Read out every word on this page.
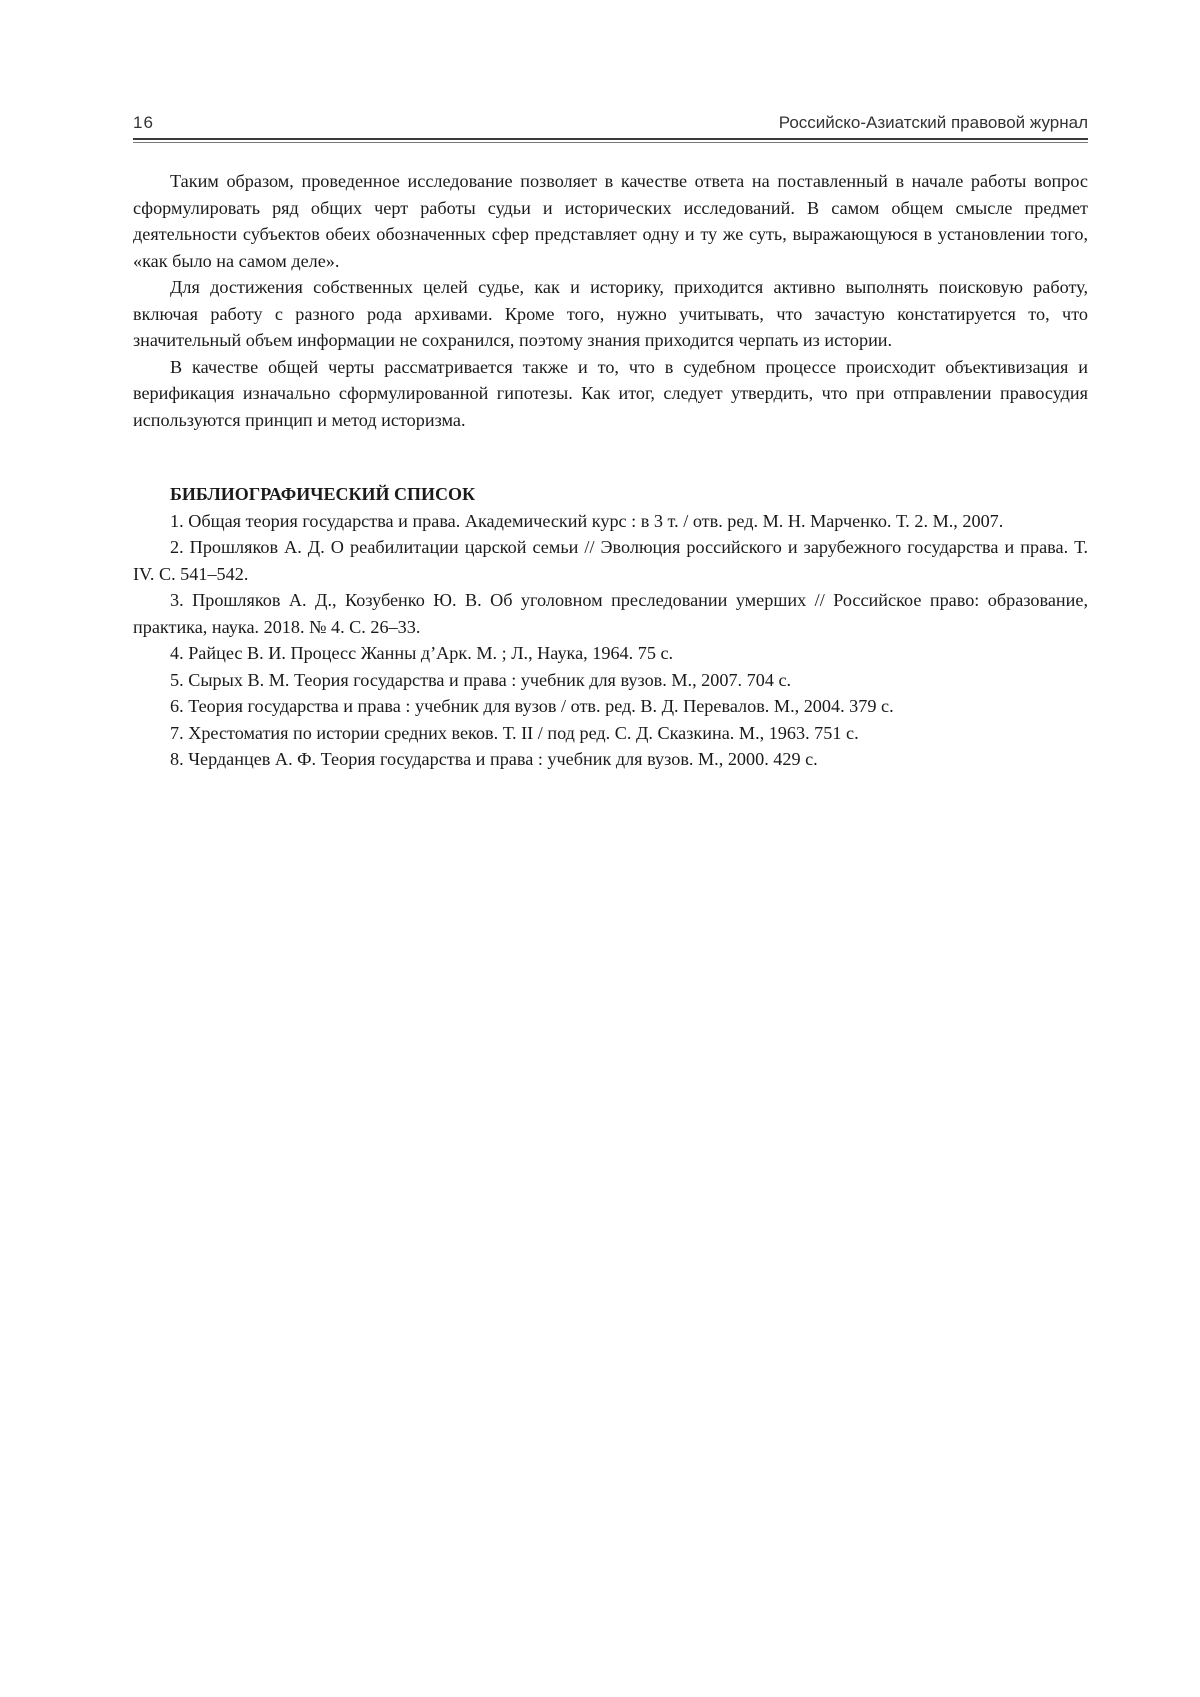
16	Российско-Азиатский правовой журнал

Таким образом, проведенное исследование позволяет в качестве ответа на поставленный в начале работы вопрос сформулировать ряд общих черт работы судьи и исторических исследований. В самом общем смысле предмет деятельности субъектов обеих обозначенных сфер представляет одну и ту же суть, выражающуюся в установлении того, «как было на самом деле».

Для достижения собственных целей судье, как и историку, приходится активно выполнять поисковую работу, включая работу с разного рода архивами. Кроме того, нужно учитывать, что зачастую констатируется то, что значительный объем информации не сохранился, поэтому знания приходится черпать из истории.

В качестве общей черты рассматривается также и то, что в судебном процессе происходит объективизация и верификация изначально сформулированной гипотезы. Как итог, следует утвердить, что при отправлении правосудия используются принцип и метод историзма.

БИБЛИОГРАФИЧЕСКИЙ СПИСОК
1. Общая теория государства и права. Академический курс : в 3 т. / отв. ред. М. Н. Марченко. Т. 2. М., 2007.
2. Прошляков А. Д. О реабилитации царской семьи // Эволюция российского и зарубежного государства и права. Т. IV. С. 541–542.
3. Прошляков А. Д., Козубенко Ю. В. Об уголовном преследовании умерших // Российское право: образование, практика, наука. 2018. № 4. С. 26–33.
4. Райцес В. И. Процесс Жанны д’Арк. М. ; Л., Наука, 1964. 75 с.
5. Сырых В. М. Теория государства и права : учебник для вузов. М., 2007. 704 с.
6. Теория государства и права : учебник для вузов / отв. ред. В. Д. Перевалов. М., 2004. 379 с.
7. Хрестоматия по истории средних веков. Т. II / под ред. С. Д. Сказкина. М., 1963. 751 с.
8. Черданцев А. Ф. Теория государства и права : учебник для вузов. М., 2000. 429 с.
